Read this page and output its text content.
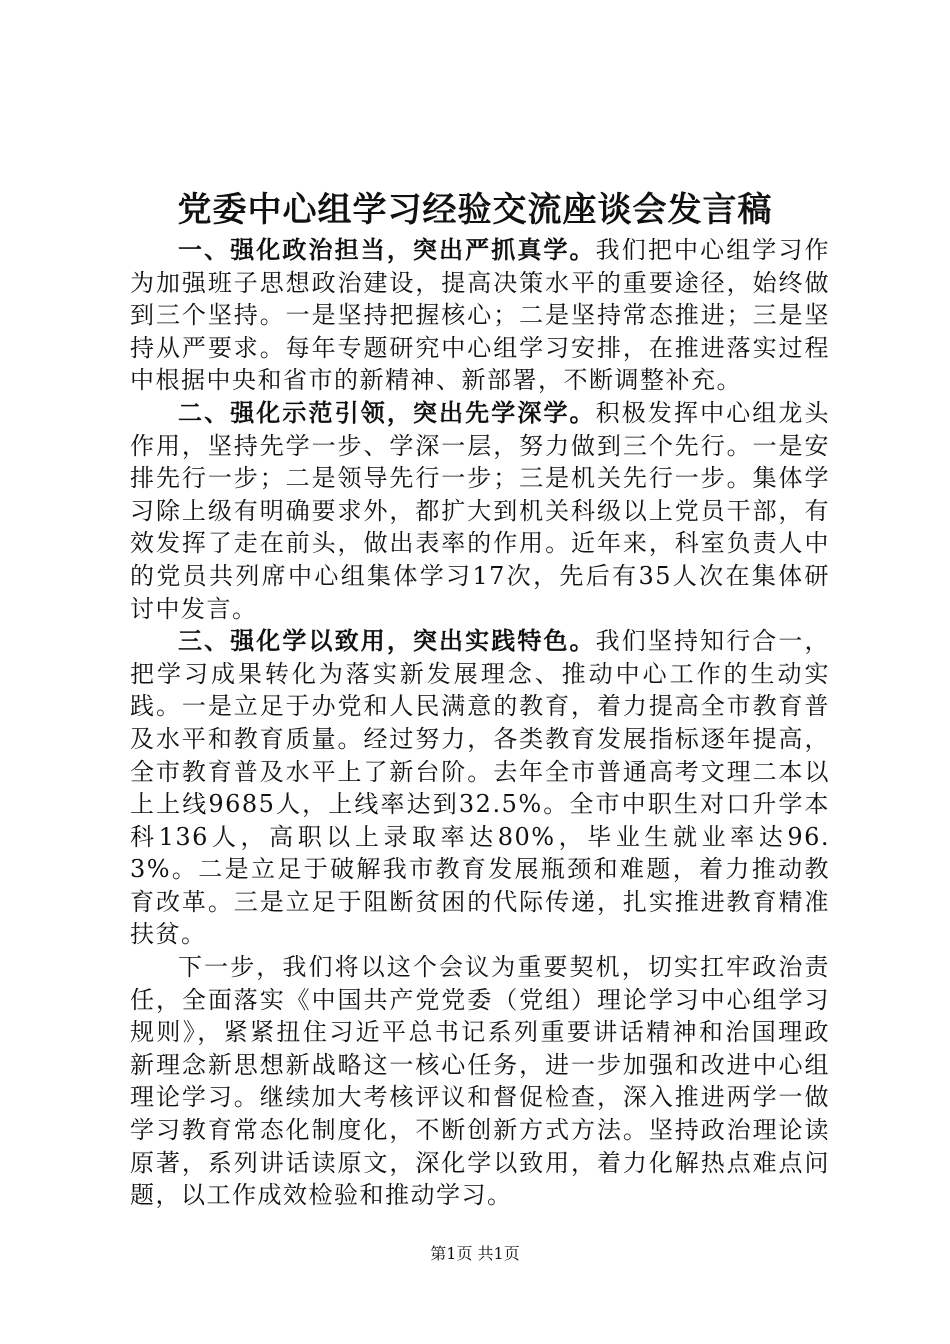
党委中心组学习经验交流座谈会发言稿

一、强化政治担当，突出严抓真学。我们把中心组学习作为加强班子思想政治建设，提高决策水平的重要途径，始终做到三个坚持。一是坚持把握核心；二是坚持常态推进；三是坚持从严要求。每年专题研究中心组学习安排，在推进落实过程中根据中央和省市的新精神、新部署，不断调整补充。

二、强化示范引领，突出先学深学。积极发挥中心组龙头作用，坚持先学一步、学深一层，努力做到三个先行。一是安排先行一步；二是领导先行一步；三是机关先行一步。集体学习除上级有明确要求外，都扩大到机关科级以上党员干部，有效发挥了走在前头，做出表率的作用。近年来，科室负责人中的党员共列席中心组集体学习17次，先后有35人次在集体研讨中发言。

三、强化学以致用，突出实践特色。我们坚持知行合一，把学习成果转化为落实新发展理念、推动中心工作的生动实践。一是立足于办党和人民满意的教育，着力提高全市教育普及水平和教育质量。经过努力，各类教育发展指标逐年提高，全市教育普及水平上了新台阶。去年全市普通高考文理二本以上上线9685人，上线率达到32.5%。全市中职生对口升学本科136人，高职以上录取率达80%，毕业生就业率达96.3%。二是立足于破解我市教育发展瓶颈和难题，着力推动教育改革。三是立足于阻断贫困的代际传递，扎实推进教育精准扶贫。

下一步，我们将以这个会议为重要契机，切实扛牢政治责任，全面落实《中国共产党党委（党组）理论学习中心组学习规则》，紧紧扭住习近平总书记系列重要讲话精神和治国理政新理念新思想新战略这一核心任务，进一步加强和改进中心组理论学习。继续加大考核评议和督促检查，深入推进两学一做学习教育常态化制度化，不断创新方式方法。坚持政治理论读原著，系列讲话读原文，深化学以致用，着力化解热点难点问题，以工作成效检验和推动学习。

第1页 共1页
